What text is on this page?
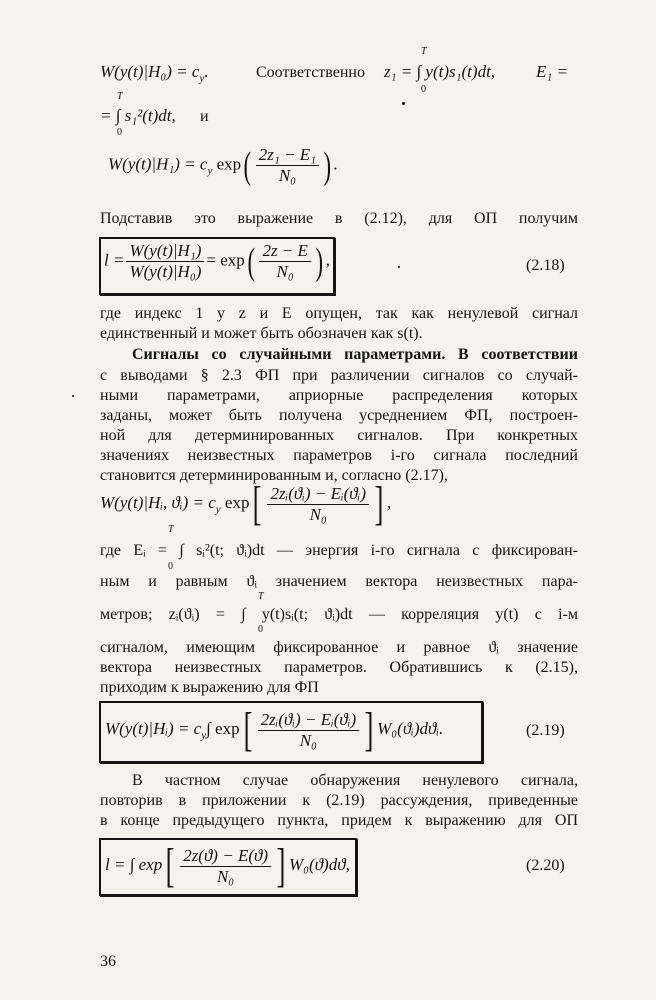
$W(y(t)|H_0) = c_y$.	Соответственно	z₁ = ∫ y(t)s₁(t)dt,
T
0
E₁ =
= ∫ s₁²(t)dt,
T
0
и
$W(y(t)|H_1) = c_y$ $\exp( \frac{\text{2z₁ − E₁}}{\text{N₀}}$ ) .
Подставив это выражение в (2.12), для ОП получим
$l = \frac{\text{W(y(t)|H₁)}}{\text{W(y(t)|H₀)}} = \exp( \frac{2z - E}{\text{N₀}}$ ) ,	(2.18)
где индекс 1 у z и E опущен, так как ненулевой сигнал
единственный и может быть обозначен как s(t).
Сигналы со случайными параметрами. В соответствии
с выводами § 2.3 ФП при различении сигналов со случай-
ными параметрами, априорные распределения которых
заданы, может быть получена усреднением ФП, построен-
ной для детерминированных сигналов. При конкретных
значениях неизвестных параметров i-го сигнала последний
становится детерминированным и, согласно (2.17),
W(y(t)|Hᵢ, ϑᵢ) = $c_y$ $\exp[ \frac{\text{2zᵢ(ϑᵢ) − Eᵢ(ϑᵢ)}}{\text{N₀}}$ ] ,
T
где Eᵢ = ∫ sᵢ²(t; ϑᵢ)dt — энергия i-го сигнала с фиксирован-
0
ным и равным ϑᵢ значением вектора неизвестных пара-
T
метров; zᵢ(ϑᵢ) = ∫ y(t)sᵢ(t; ϑᵢ)dt — корреляция y(t) с i-м
0
сигналом, имеющим фиксированное и равное ϑᵢ значение
вектора неизвестных параметров. Обратившись к (2.15),
приходим к выражению для ФП
W(y(t)|Hᵢ) = $c_y\int$ $\exp[ \frac{\text{2zᵢ(ϑᵢ) − Eᵢ(ϑᵢ)}}{\text{N₀}}$ ] W₀(ϑᵢ)dϑᵢ.	(2.19)
В частном случае обнаружения ненулевого сигнала,
повторив в приложении к (2.19) рассуждения, приведенные
в конце предыдущего пункта, придем к выражению для ОП
l = ∫ $\exp[ \frac{2z(ϑ) - E(ϑ)}{\text{N₀}}$ ] W₀(ϑ)dϑ,	(2.20)
36
